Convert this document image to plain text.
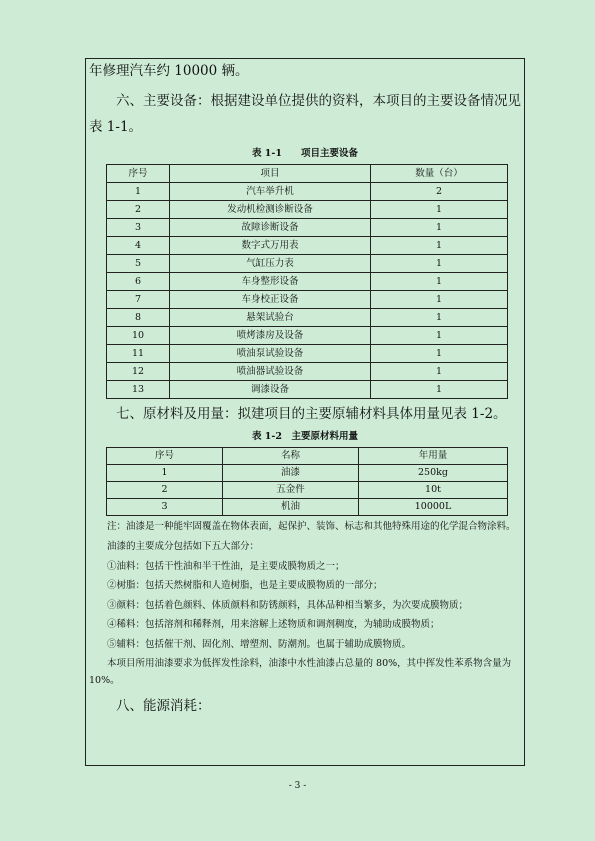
年修理汽车约 10000 辆。

六、主要设备：根据建设单位提供的资料，本项目的主要设备情况见表 1-1。

表 1-1　　项目主要设备

序号	项目	数量（台）
1	汽车举升机	2
2	发动机检测诊断设备	1
3	故障诊断设备	1
4	数字式万用表	1
5	气缸压力表	1
6	车身整形设备	1
7	车身校正设备	1
8	悬架试验台	1
10	喷烤漆房及设备	1
11	喷油泵试验设备	1
12	喷油器试验设备	1
13	调漆设备	1

七、原材料及用量：拟建项目的主要原辅材料具体用量见表 1-2。

表 1-2　主要原材料用量

序号	名称	年用量
1	油漆	250kg
2	五金件	10t
3	机油	10000L

注：油漆是一种能牢固覆盖在物体表面，起保护、装饰、标志和其他特殊用途的化学混合物涂料。

油漆的主要成分包括如下五大部分：

①油料：包括干性油和半干性油，是主要成膜物质之一；

②树脂：包括天然树脂和人造树脂，也是主要成膜物质的一部分；

③颜料：包括着色颜料、体质颜料和防锈颜料，具体品种相当繁多，为次要成膜物质；

④稀料：包括溶剂和稀释剂，用来溶解上述物质和调剂稠度，为辅助成膜物质；

⑤辅料：包括催干剂、固化剂、增塑剂、防潮剂。也属于辅助成膜物质。

本项目所用油漆要求为低挥发性涂料，油漆中水性油漆占总量的 80%，其中挥发性苯系物含量为 10%。

八、能源消耗：

- 3 -
